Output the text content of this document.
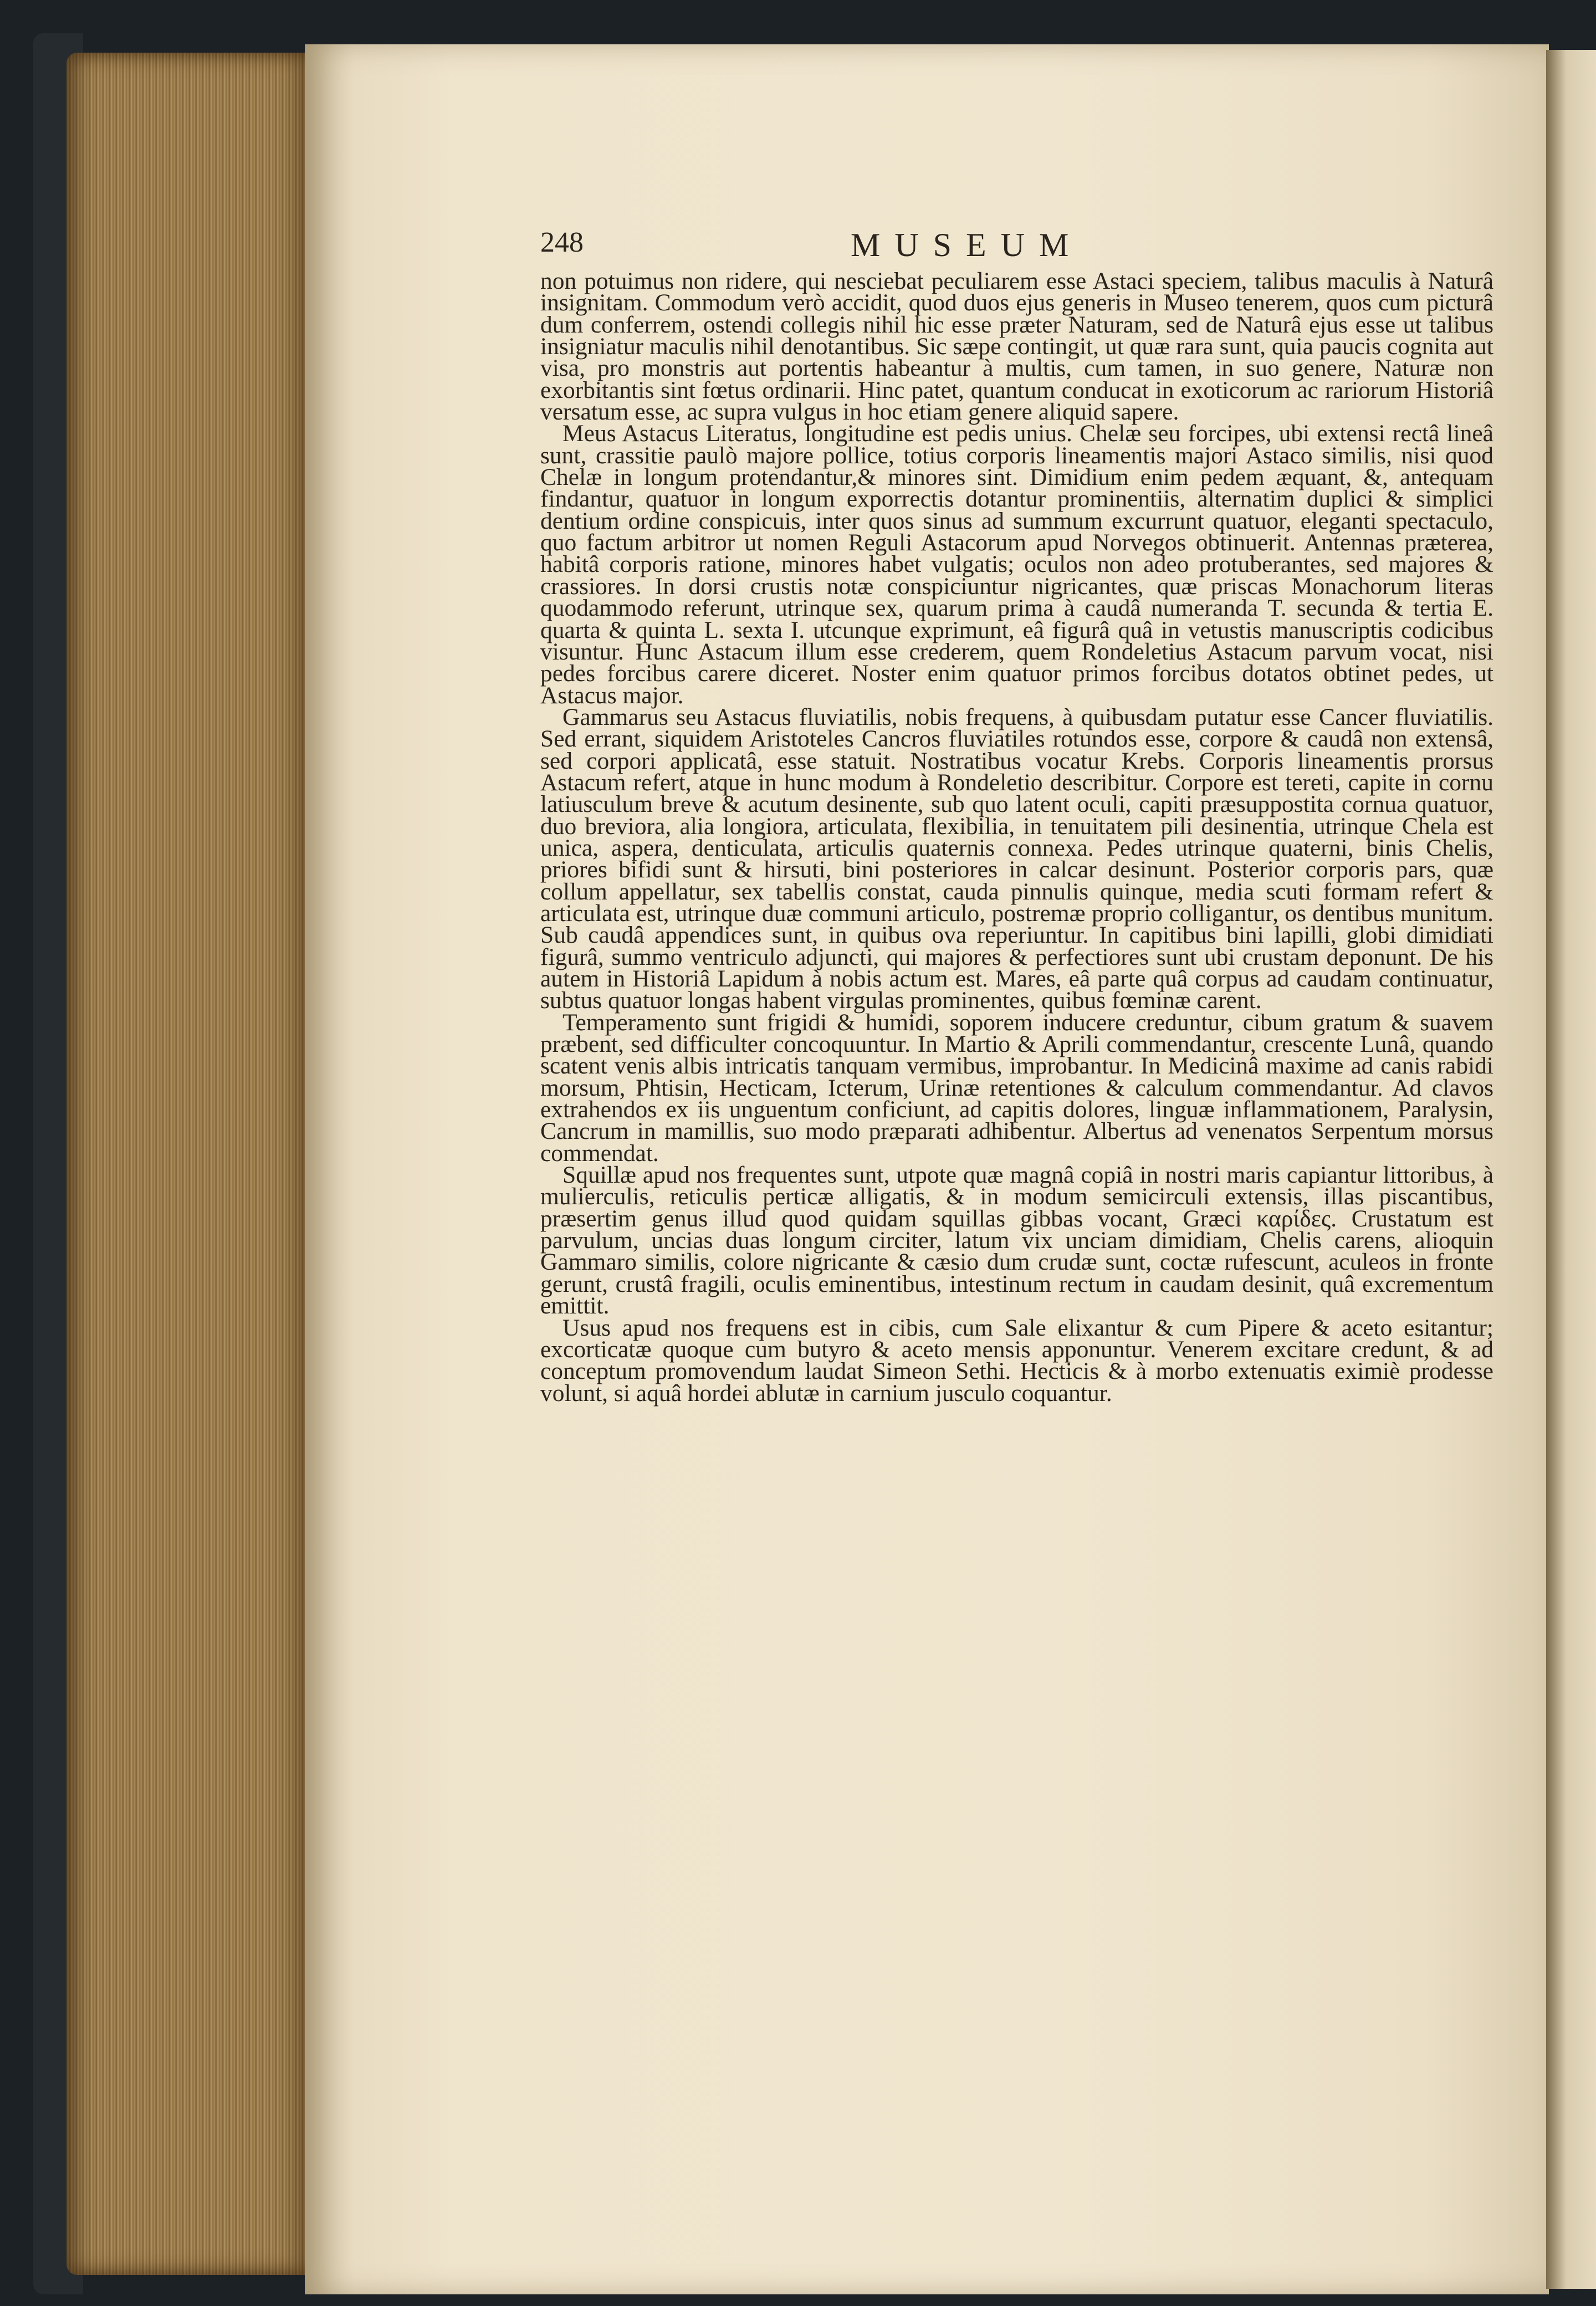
248	MUSEUM

non potuimus non ridere, qui nesciebat peculiarem esse Astaci speciem, talibus maculis à Naturâ insignitam. Commodum verò accidit, quod duos ejus generis in Museo tenerem, quos cum picturâ dum conferrem, ostendi collegis nihil hic esse præter Naturam, sed de Naturâ ejus esse ut talibus insigniatur maculis nihil denotantibus. Sic sæpe contingit, ut quæ rara sunt, quia paucis cognita aut visa, pro monstris aut portentis habeantur à multis, cum tamen, in suo genere, Naturæ non exorbitantis sint fœtus ordinarii. Hinc patet, quantum conducat in exoticorum ac rariorum Historiâ versatum esse, ac supra vulgus in hoc etiam genere aliquid sapere.

Meus Astacus Literatus, longitudine est pedis unius. Chelæ seu forcipes, ubi extensi rectâ lineâ sunt, crassitie paulò majore pollice, totius corporis lineamentis majori Astaco similis, nisi quod Chelæ in longum protendantur,& minores sint. Dimidium enim pedem æquant, &, antequam findantur, quatuor in longum exporrectis dotantur prominentiis, alternatim duplici & simplici dentium ordine conspicuis, inter quos sinus ad summum excurrunt quatuor, eleganti spectaculo, quo factum arbitror ut nomen Reguli Astacorum apud Norvegos obtinuerit. Antennas præterea, habitâ corporis ratione, minores habet vulgatis; oculos non adeo protuberantes, sed majores & crassiores. In dorsi crustis notæ conspiciuntur nigricantes, quæ priscas Monachorum literas quodammodo referunt, utrinque sex, quarum prima à caudâ numeranda T. secunda & tertia E. quarta & quinta L. sexta I. utcunque exprimunt, eâ figurâ quâ in vetustis manuscriptis codicibus visuntur. Hunc Astacum illum esse crederem, quem Rondeletius Astacum parvum vocat, nisi pedes forcibus carere diceret. Noster enim quatuor primos forcibus dotatos obtinet pedes, ut Astacus major.

Gammarus seu Astacus fluviatilis, nobis frequens, à quibusdam putatur esse Cancer fluviatilis. Sed errant, siquidem Aristoteles Cancros fluviatiles rotundos esse, corpore & caudâ non extensâ, sed corpori applicatâ, esse statuit. Nostratibus vocatur Krebs. Corporis lineamentis prorsus Astacum refert, atque in hunc modum à Rondeletio describitur. Corpore est tereti, capite in cornu latiusculum breve & acutum desinente, sub quo latent oculi, capiti præsuppostita cornua quatuor, duo breviora, alia longiora, articulata, flexibilia, in tenuitatem pili desinentia, utrinque Chela est unica, aspera, denticulata, articulis quaternis connexa. Pedes utrinque quaterni, binis Chelis, priores bifidi sunt & hirsuti, bini posteriores in calcar desinunt. Posterior corporis pars, quæ collum appellatur, sex tabellis constat, cauda pinnulis quinque, media scuti formam refert & articulata est, utrinque duæ communi articulo, postremæ proprio colligantur, os dentibus munitum. Sub caudâ appendices sunt, in quibus ova reperiuntur. In capitibus bini lapilli, globi dimidiati figurâ, summo ventriculo adjuncti, qui majores & perfectiores sunt ubi crustam deponunt. De his autem in Historiâ Lapidum à nobis actum est. Mares, eâ parte quâ corpus ad caudam continuatur, subtus quatuor longas habent virgulas prominentes, quibus fœminæ carent.

Temperamento sunt frigidi & humidi, soporem inducere creduntur, cibum gratum & suavem præbent, sed difficulter concoquuntur. In Martio & Aprili commendantur, crescente Lunâ, quando scatent venis albis intricatis tanquam vermibus, improbantur. In Medicinâ maxime ad canis rabidi morsum, Phtisin, Hecticam, Icterum, Urinæ retentiones & calculum commendantur. Ad clavos extrahendos ex iis unguentum conficiunt, ad capitis dolores, linguæ inflammationem, Paralysin, Cancrum in mamillis, suo modo præparati adhibentur. Albertus ad venenatos Serpentum morsus commendat.

Squillæ apud nos frequentes sunt, utpote quæ magnâ copiâ in nostri maris capiantur littoribus, à mulierculis, reticulis perticæ alligatis, & in modum semicirculi extensis, illas piscantibus, præsertim genus illud quod quidam squillas gibbas vocant, Græci καρίδες. Crustatum est parvulum, uncias duas longum circiter, latum vix unciam dimidiam, Chelis carens, alioquin Gammaro similis, colore nigricante & cæsio dum crudæ sunt, coctæ rufescunt, aculeos in fronte gerunt, crustâ fragili, oculis eminentibus, intestinum rectum in caudam desinit, quâ excrementum emittit.

Usus apud nos frequens est in cibis, cum Sale elixantur & cum Pipere & aceto esitantur; excorticatæ quoque cum butyro & aceto mensis apponuntur. Venerem excitare credunt, & ad conceptum promovendum laudat Simeon Sethi. Hecticis & à morbo extenuatis eximiè prodesse volunt, si aquâ hordei ablutæ in carnium jusculo coquantur.
